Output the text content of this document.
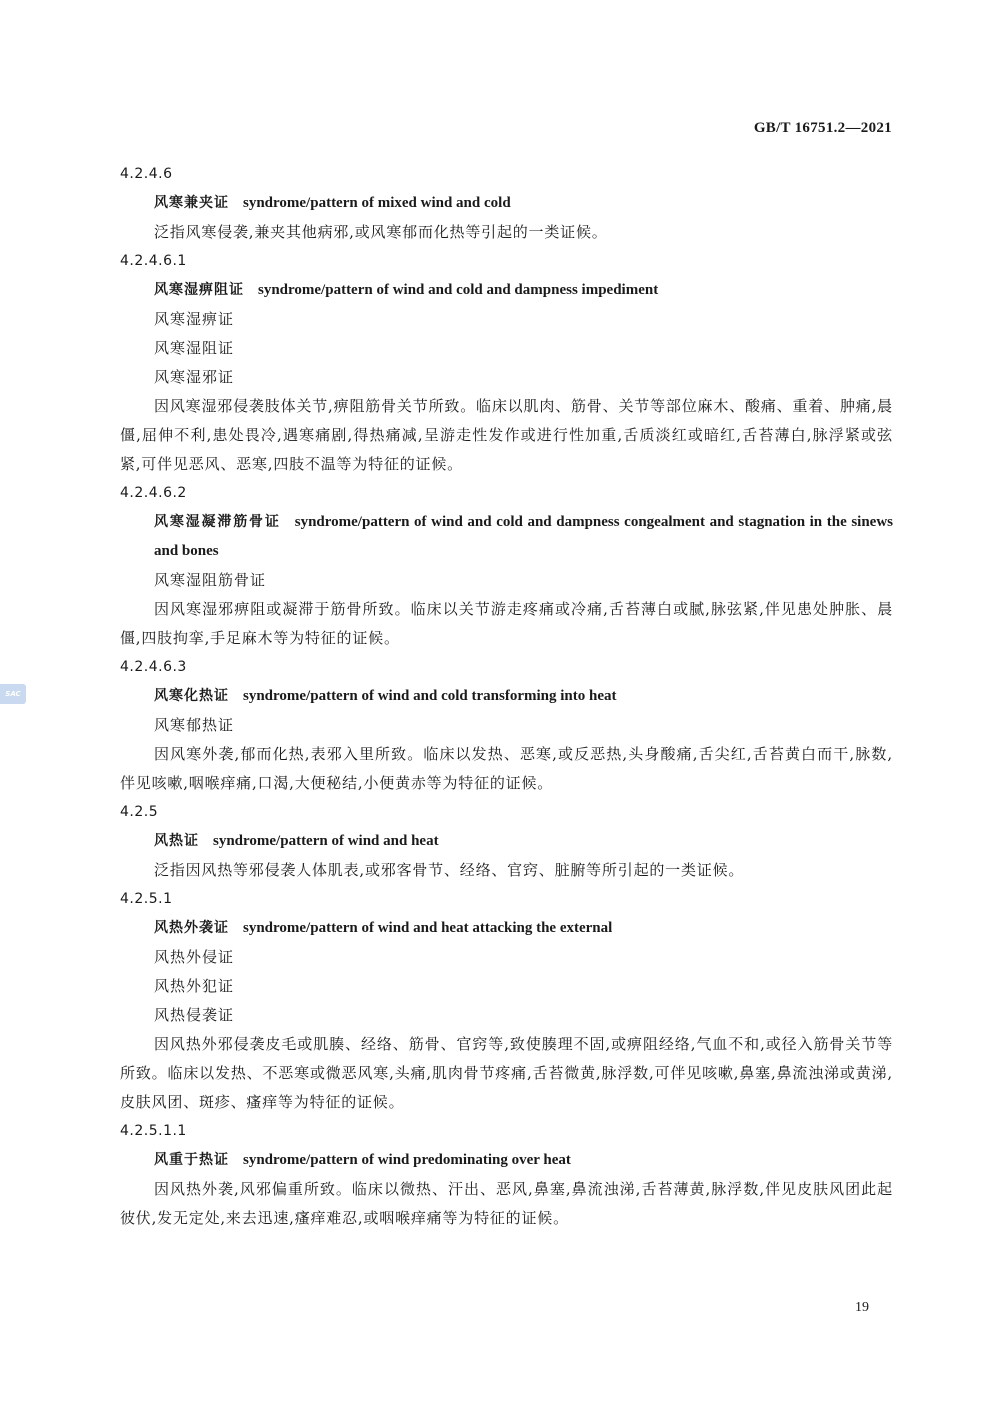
GB/T 16751.2—2021
SAC
4.2.4.6
风寒兼夹证 syndrome/pattern of mixed wind and cold
泛指风寒侵袭,兼夹其他病邪,或风寒郁而化热等引起的一类证候。
4.2.4.6.1
风寒湿痹阻证 syndrome/pattern of wind and cold and dampness impediment
风寒湿痹证
风寒湿阻证
风寒湿邪证
因风寒湿邪侵袭肢体关节,痹阻筋骨关节所致。临床以肌肉、筋骨、关节等部位麻木、酸痛、重着、肿痛,晨僵,屈伸不利,患处畏冷,遇寒痛剧,得热痛减,呈游走性发作或进行性加重,舌质淡红或暗红,舌苔薄白,脉浮紧或弦紧,可伴见恶风、恶寒,四肢不温等为特征的证候。
4.2.4.6.2
风寒湿凝滞筋骨证 syndrome/pattern of wind and cold and dampness congealment and stagnation in the sinews and bones
风寒湿阻筋骨证
因风寒湿邪痹阻或凝滞于筋骨所致。临床以关节游走疼痛或冷痛,舌苔薄白或腻,脉弦紧,伴见患处肿胀、晨僵,四肢拘挛,手足麻木等为特征的证候。
4.2.4.6.3
风寒化热证 syndrome/pattern of wind and cold transforming into heat
风寒郁热证
因风寒外袭,郁而化热,表邪入里所致。临床以发热、恶寒,或反恶热,头身酸痛,舌尖红,舌苔黄白而干,脉数,伴见咳嗽,咽喉痒痛,口渴,大便秘结,小便黄赤等为特征的证候。
4.2.5
风热证 syndrome/pattern of wind and heat
泛指因风热等邪侵袭人体肌表,或邪客骨节、经络、官窍、脏腑等所引起的一类证候。
4.2.5.1
风热外袭证 syndrome/pattern of wind and heat attacking the external
风热外侵证
风热外犯证
风热侵袭证
因风热外邪侵袭皮毛或肌腠、经络、筋骨、官窍等,致使腠理不固,或痹阻经络,气血不和,或径入筋骨关节等所致。临床以发热、不恶寒或微恶风寒,头痛,肌肉骨节疼痛,舌苔微黄,脉浮数,可伴见咳嗽,鼻塞,鼻流浊涕或黄涕,皮肤风团、斑疹、瘙痒等为特征的证候。
4.2.5.1.1
风重于热证 syndrome/pattern of wind predominating over heat
因风热外袭,风邪偏重所致。临床以微热、汗出、恶风,鼻塞,鼻流浊涕,舌苔薄黄,脉浮数,伴见皮肤风团此起彼伏,发无定处,来去迅速,瘙痒难忍,或咽喉痒痛等为特征的证候。
19
